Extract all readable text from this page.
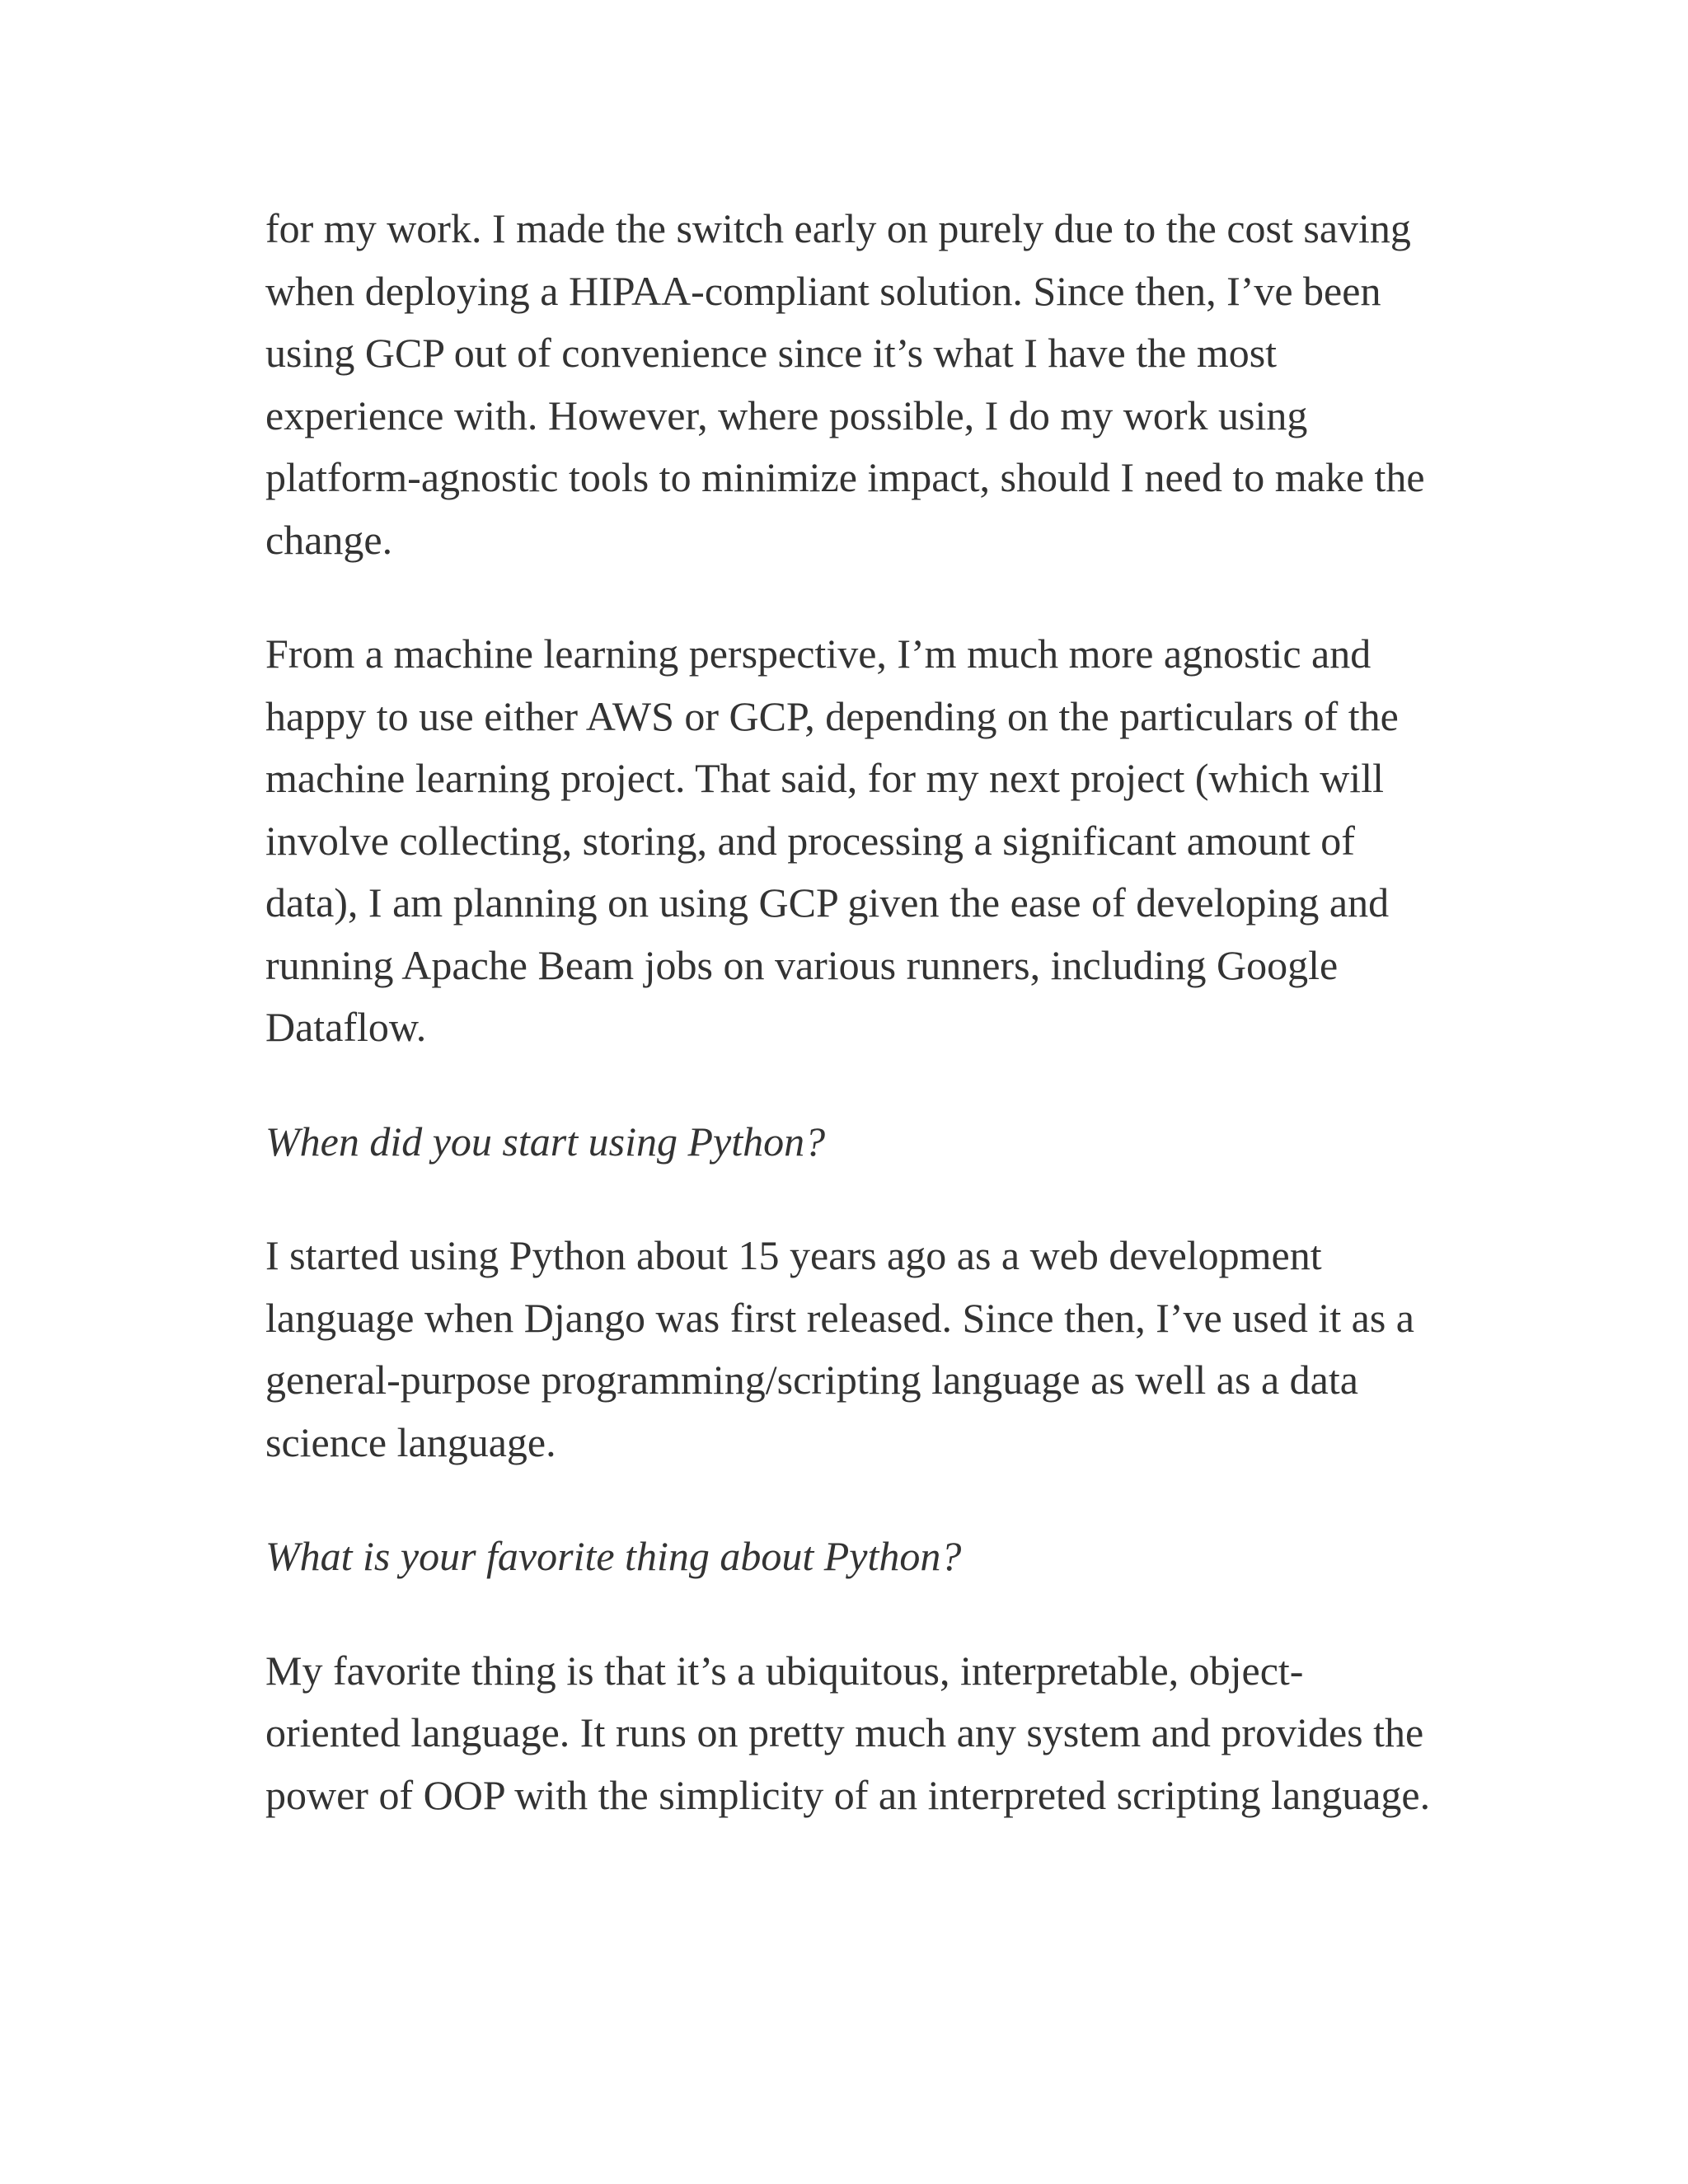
for my work. I made the switch early on purely due to the cost saving when deploying a HIPAA-compliant solution. Since then, I’ve been using GCP out of convenience since it’s what I have the most experience with. However, where possible, I do my work using platform-agnostic tools to minimize impact, should I need to make the change.

From a machine learning perspective, I’m much more agnostic and happy to use either AWS or GCP, depending on the particulars of the machine learning project. That said, for my next project (which will involve collecting, storing, and processing a significant amount of data), I am planning on using GCP given the ease of developing and running Apache Beam jobs on various runners, including Google Dataflow.

When did you start using Python?

I started using Python about 15 years ago as a web development language when Django was first released. Since then, I’ve used it as a general-purpose programming/scripting language as well as a data science language.

What is your favorite thing about Python?

My favorite thing is that it’s a ubiquitous, interpretable, object-oriented language. It runs on pretty much any system and provides the power of OOP with the simplicity of an interpreted scripting language.
